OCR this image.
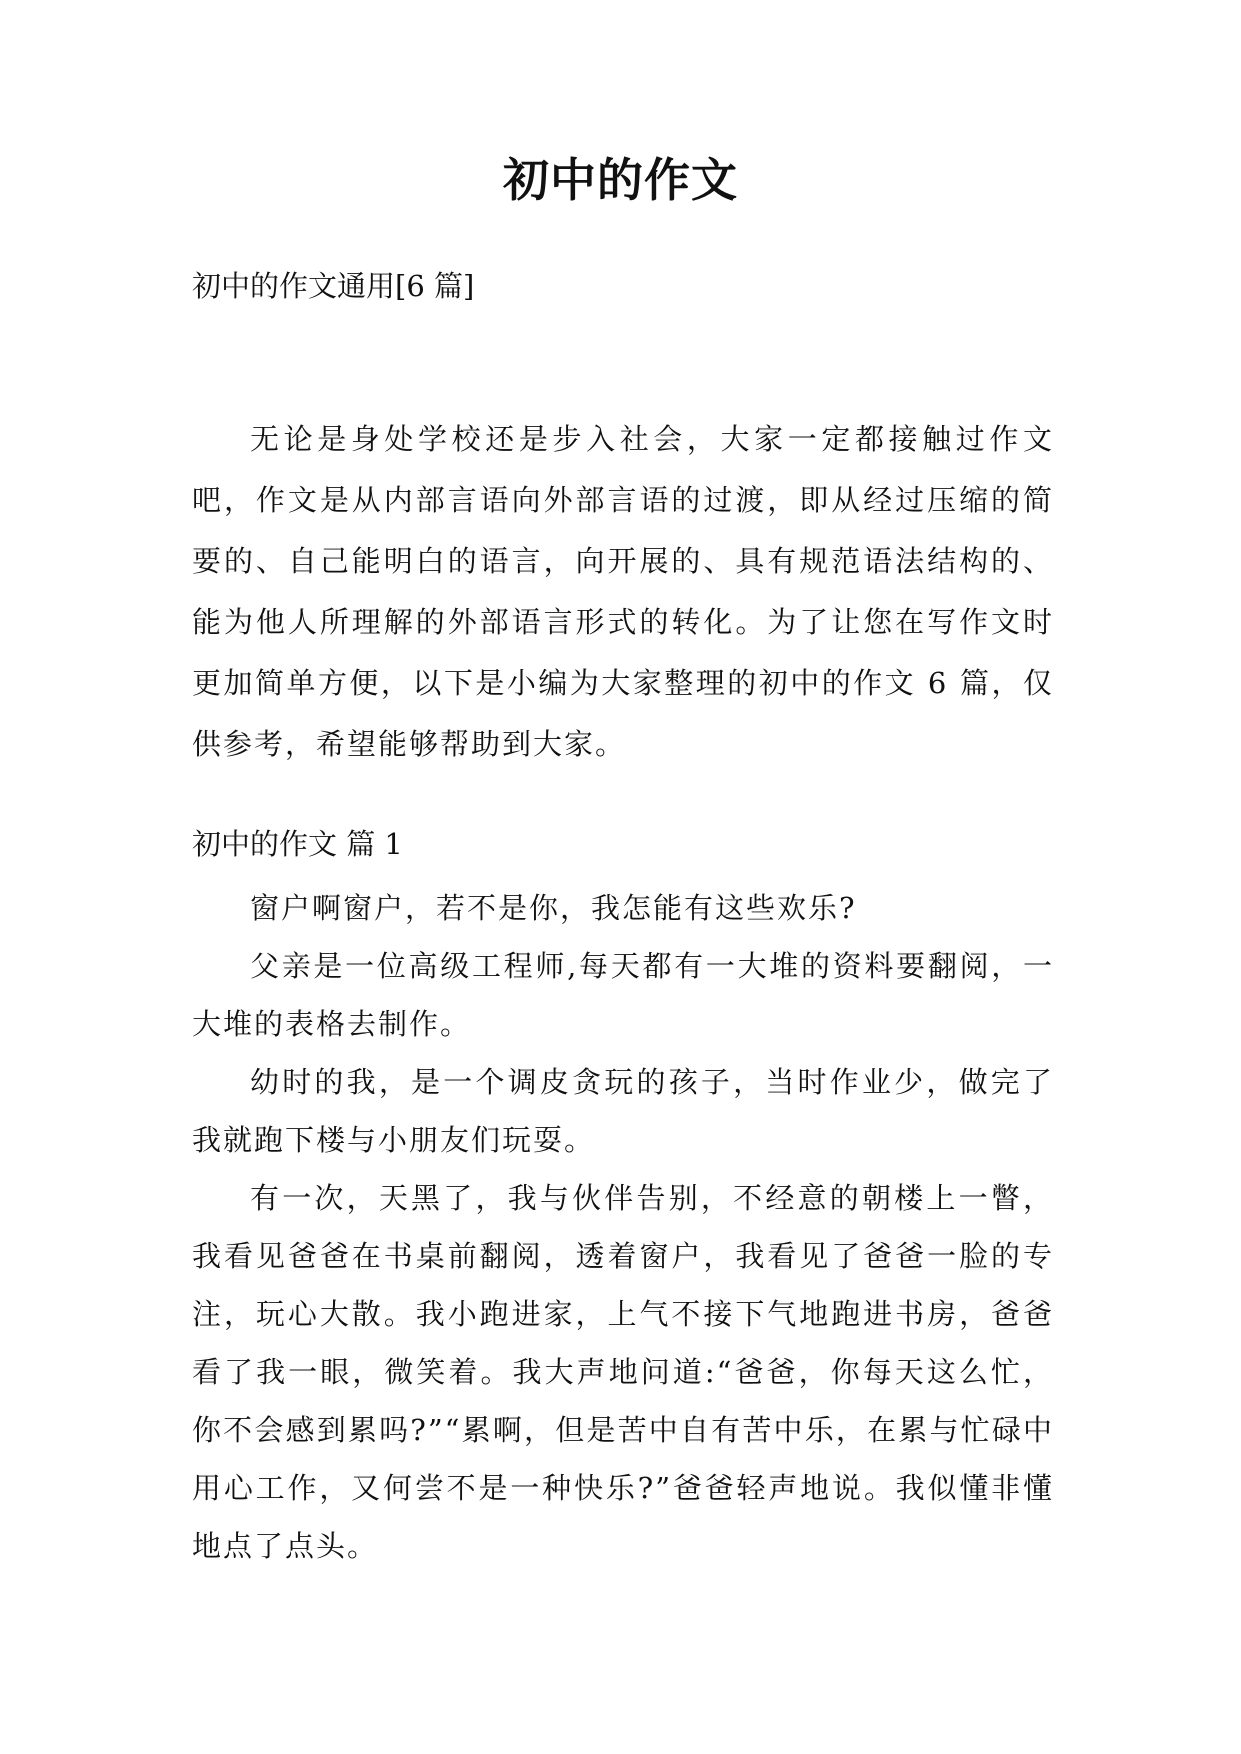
初中的作文
初中的作文通用[6 篇]

无论是身处学校还是步入社会，大家一定都接触过作文吧，作文是从内部言语向外部言语的过渡，即从经过压缩的简要的、自己能明白的语言，向开展的、具有规范语法结构的、能为他人所理解的外部语言形式的转化。为了让您在写作文时更加简单方便，以下是小编为大家整理的初中的作文 6 篇，仅供参考，希望能够帮助到大家。

初中的作文 篇 1

窗户啊窗户，若不是你，我怎能有这些欢乐?

父亲是一位高级工程师,每天都有一大堆的资料要翻阅，一大堆的表格去制作。

幼时的我，是一个调皮贪玩的孩子，当时作业少，做完了我就跑下楼与小朋友们玩耍。

有一次，天黑了，我与伙伴告别，不经意的朝楼上一瞥，我看见爸爸在书桌前翻阅，透着窗户，我看见了爸爸一脸的专注，玩心大散。我小跑进家，上气不接下气地跑进书房，爸爸看了我一眼，微笑着。我大声地问道:“爸爸，你每天这么忙，你不会感到累吗?”“累啊，但是苦中自有苦中乐，在累与忙碌中用心工作，又何尝不是一种快乐?”爸爸轻声地说。我似懂非懂地点了点头。
